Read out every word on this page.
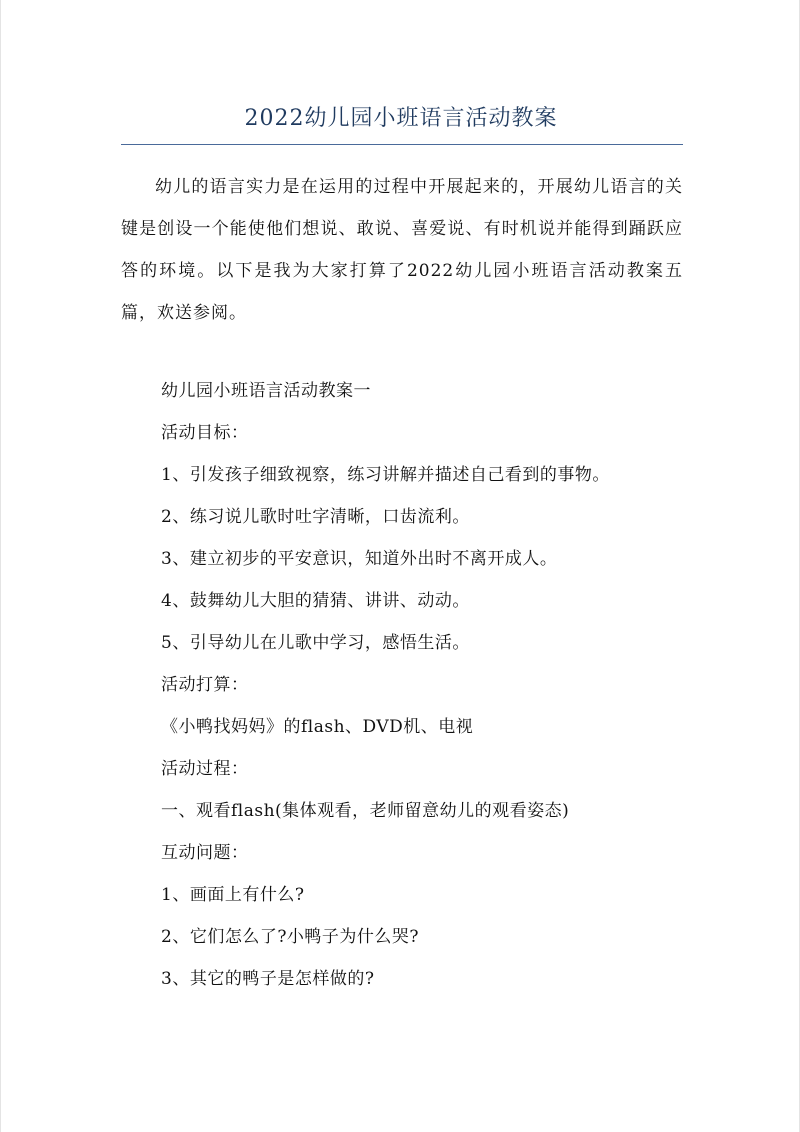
2022幼儿园小班语言活动教案

幼儿的语言实力是在运用的过程中开展起来的，开展幼儿语言的关键是创设一个能使他们想说、敢说、喜爱说、有时机说并能得到踊跃应答的环境。以下是我为大家打算了2022幼儿园小班语言活动教案五篇，欢送参阅。

幼儿园小班语言活动教案一

活动目标：

1、引发孩子细致视察，练习讲解并描述自己看到的事物。

2、练习说儿歌时吐字清晰，口齿流利。

3、建立初步的平安意识，知道外出时不离开成人。

4、鼓舞幼儿大胆的猜猜、讲讲、动动。

5、引导幼儿在儿歌中学习，感悟生活。

活动打算：

《小鸭找妈妈》的flash、DVD机、电视

活动过程：

一、观看flash(集体观看，老师留意幼儿的观看姿态)

互动问题：

1、画面上有什么?

2、它们怎么了?小鸭子为什么哭?

3、其它的鸭子是怎样做的?
